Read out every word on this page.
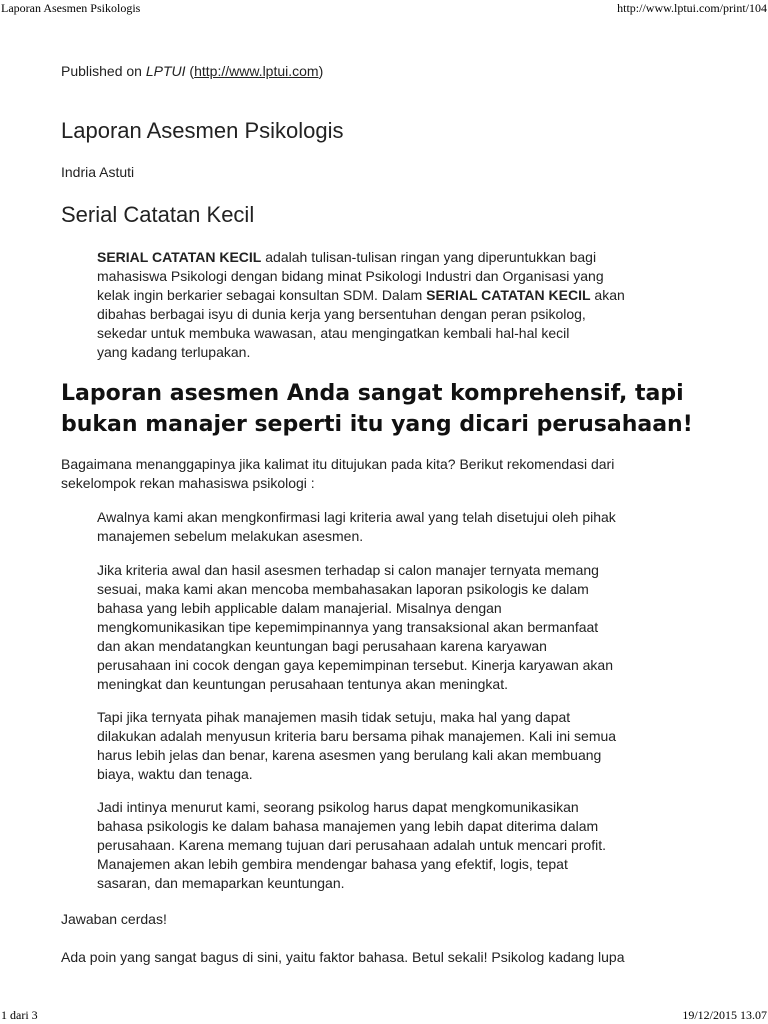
Laporan Asesmen Psikologis	http://www.lptui.com/print/104
Published on LPTUI (http://www.lptui.com)
Laporan Asesmen Psikologis
Indria Astuti
Serial Catatan Kecil
SERIAL CATATAN KECIL adalah tulisan-tulisan ringan yang diperuntukkan bagi
mahasiswa Psikologi dengan bidang minat Psikologi Industri dan Organisasi yang
kelak ingin berkarier sebagai konsultan SDM. Dalam SERIAL CATATAN KECIL akan
dibahas berbagai isyu di dunia kerja yang bersentuhan dengan peran psikolog,
sekedar untuk membuka wawasan, atau mengingatkan kembali hal-hal kecil
yang kadang terlupakan.
Laporan asesmen Anda sangat komprehensif, tapi
bukan manajer seperti itu yang dicari perusahaan!
Bagaimana menanggapinya jika kalimat itu ditujukan pada kita? Berikut rekomendasi dari
sekelompok rekan mahasiswa psikologi :
Awalnya kami akan mengkonfirmasi lagi kriteria awal yang telah disetujui oleh pihak
manajemen sebelum melakukan asesmen.
Jika kriteria awal dan hasil asesmen terhadap si calon manajer ternyata memang
sesuai, maka kami akan mencoba membahasakan laporan psikologis ke dalam
bahasa yang lebih applicable dalam manajerial. Misalnya dengan
mengkomunikasikan tipe kepemimpinannya yang transaksional akan bermanfaat
dan akan mendatangkan keuntungan bagi perusahaan karena karyawan
perusahaan ini cocok dengan gaya kepemimpinan tersebut. Kinerja karyawan akan
meningkat dan keuntungan perusahaan tentunya akan meningkat.
Tapi jika ternyata pihak manajemen masih tidak setuju, maka hal yang dapat
dilakukan adalah menyusun kriteria baru bersama pihak manajemen. Kali ini semua
harus lebih jelas dan benar, karena asesmen yang berulang kali akan membuang
biaya, waktu dan tenaga.
Jadi intinya menurut kami, seorang psikolog harus dapat mengkomunikasikan
bahasa psikologis ke dalam bahasa manajemen yang lebih dapat diterima dalam
perusahaan. Karena memang tujuan dari perusahaan adalah untuk mencari profit.
Manajemen akan lebih gembira mendengar bahasa yang efektif, logis, tepat
sasaran, dan memaparkan keuntungan.
Jawaban cerdas!
Ada poin yang sangat bagus di sini, yaitu faktor bahasa. Betul sekali! Psikolog kadang lupa
1 dari 3	19/12/2015 13.07
